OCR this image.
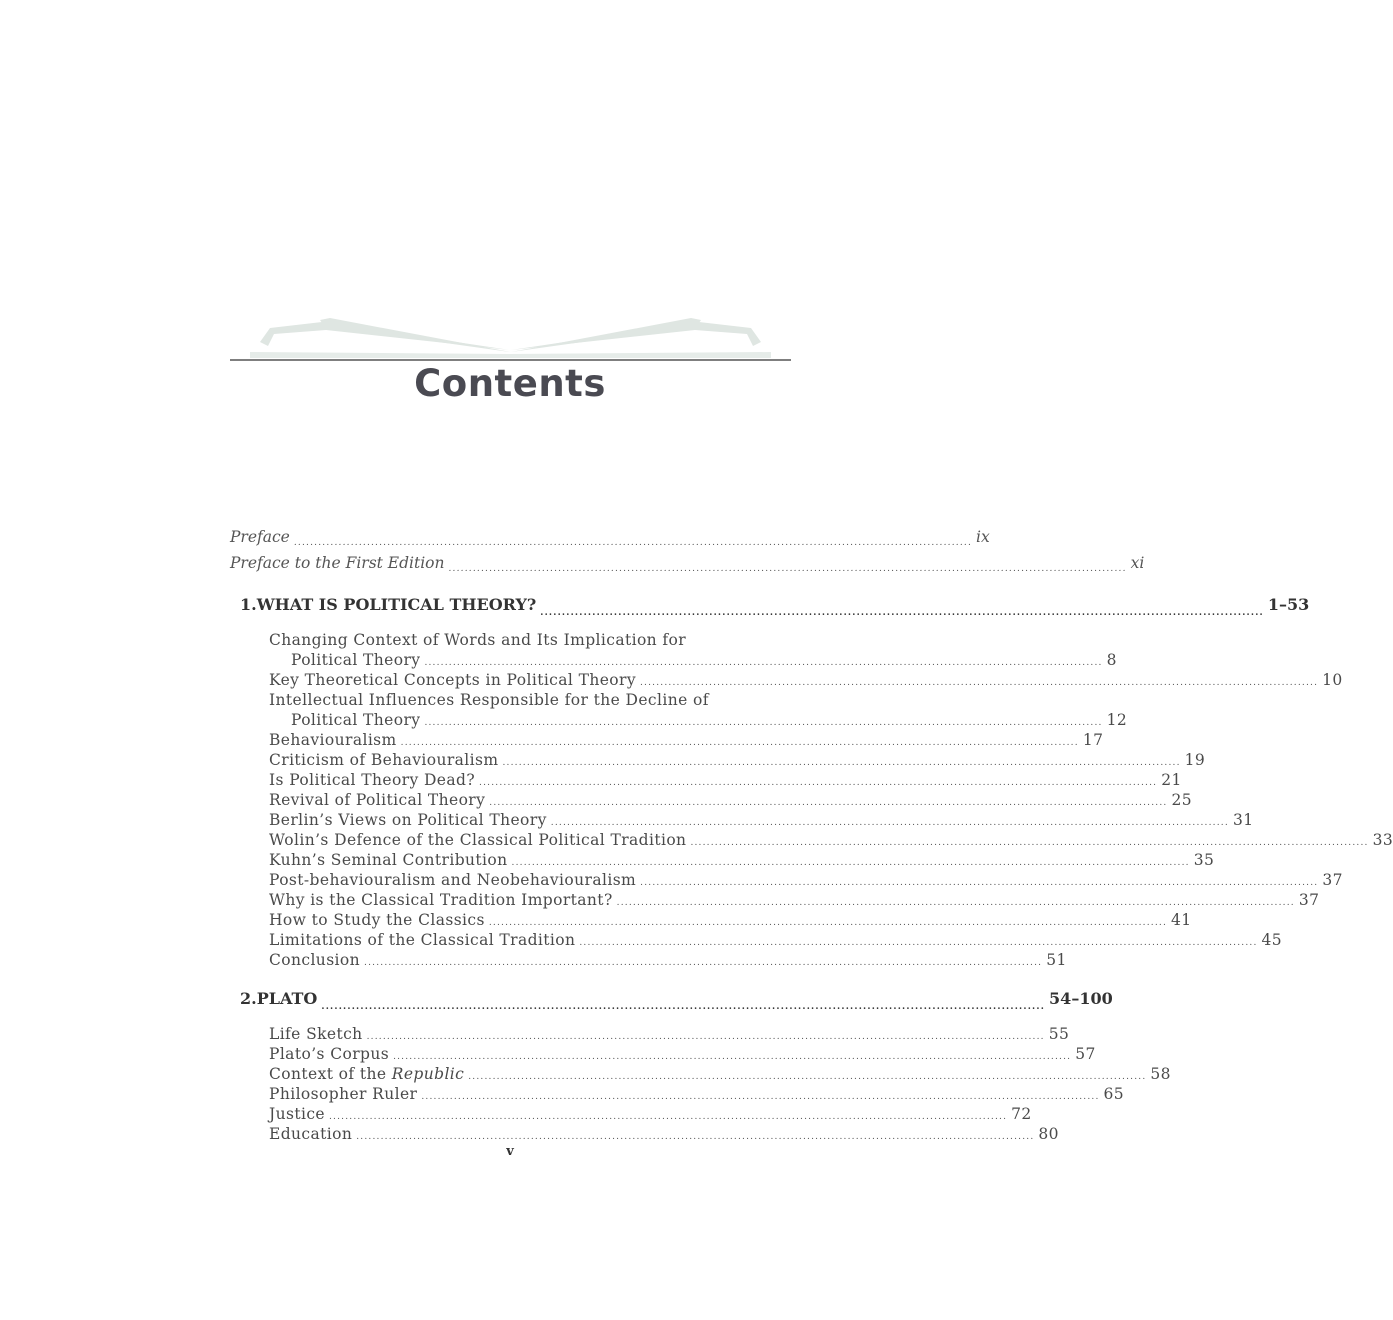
Contents
Preface ....................................................................................................................................................................... ix
Preface to the First Edition ....................................................................................................................................................................... xi
1. WHAT IS POLITICAL THEORY? ....................................................................................................................................................................... 1–53
Changing Context of Words and Its Implication for
Political Theory ....................................................................................................................................................................... 8
Key Theoretical Concepts in Political Theory ....................................................................................................................................................................... 10
Intellectual Influences Responsible for the Decline of
Political Theory ....................................................................................................................................................................... 12
Behaviouralism ....................................................................................................................................................................... 17
Criticism of Behaviouralism ....................................................................................................................................................................... 19
Is Political Theory Dead? ....................................................................................................................................................................... 21
Revival of Political Theory ....................................................................................................................................................................... 25
Berlin’s Views on Political Theory ....................................................................................................................................................................... 31
Wolin’s Defence of the Classical Political Tradition ....................................................................................................................................................................... 33
Kuhn’s Seminal Contribution ....................................................................................................................................................................... 35
Post-behaviouralism and Neobehaviouralism ....................................................................................................................................................................... 37
Why is the Classical Tradition Important? ....................................................................................................................................................................... 37
How to Study the Classics ....................................................................................................................................................................... 41
Limitations of the Classical Tradition ....................................................................................................................................................................... 45
Conclusion ....................................................................................................................................................................... 51
2. PLATO ....................................................................................................................................................................... 54–100
Life Sketch ....................................................................................................................................................................... 55
Plato’s Corpus ....................................................................................................................................................................... 57
Context of the Republic ....................................................................................................................................................................... 58
Philosopher Ruler ....................................................................................................................................................................... 65
Justice ....................................................................................................................................................................... 72
Education ....................................................................................................................................................................... 80
v
